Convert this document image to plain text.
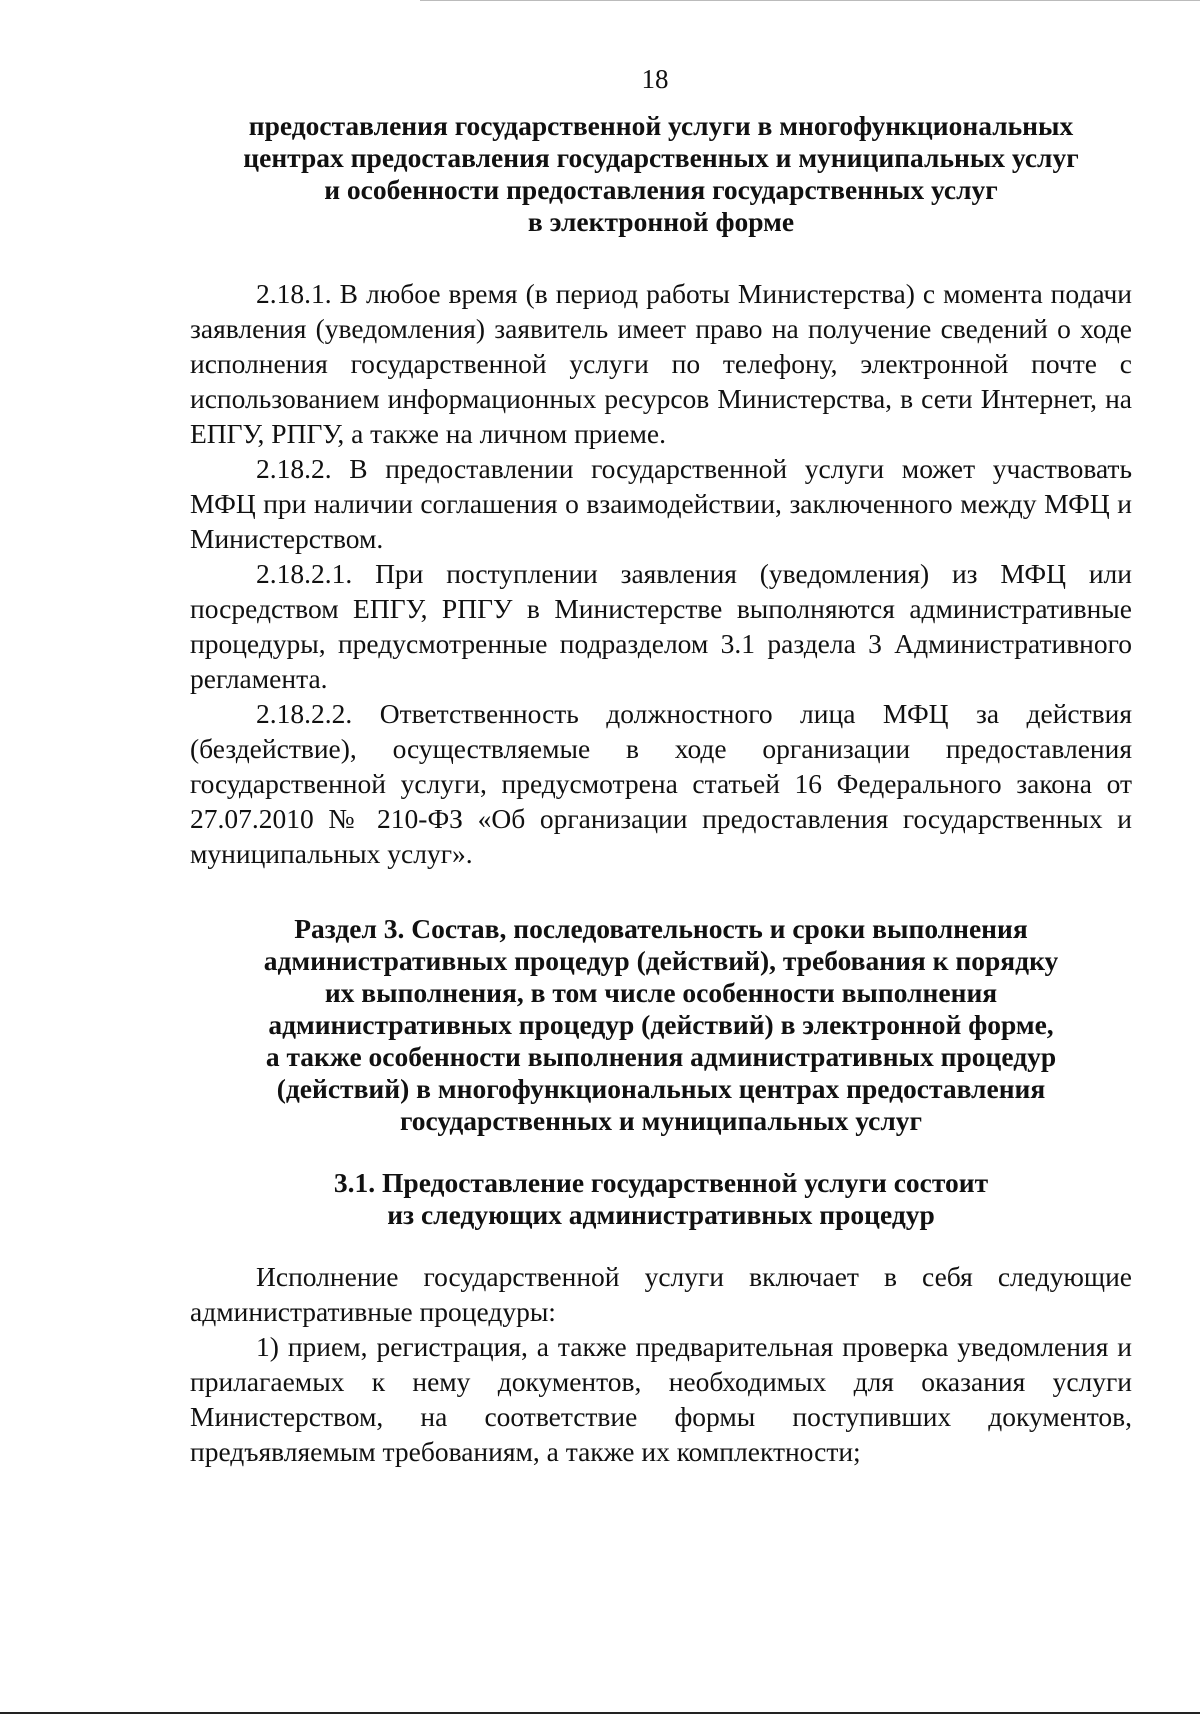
18
предоставления государственной услуги в многофункциональных
центрах предоставления государственных и муниципальных услуг
и особенности предоставления государственных услуг
в электронной форме

2.18.1. В любое время (в период работы Министерства) с момента подачи заявления (уведомления) заявитель имеет право на получение сведений о ходе исполнения государственной услуги по телефону, электронной почте с использованием информационных ресурсов Министерства, в сети Интернет, на ЕПГУ, РПГУ, а также на личном приеме.

2.18.2. В предоставлении государственной услуги может участвовать МФЦ при наличии соглашения о взаимодействии, заключенного между МФЦ и Министерством.

2.18.2.1. При поступлении заявления (уведомления) из МФЦ или посредством ЕПГУ, РПГУ в Министерстве выполняются административные процедуры, предусмотренные подразделом 3.1 раздела 3 Административного регламента.

2.18.2.2. Ответственность должностного лица МФЦ за действия (бездействие), осуществляемые в ходе организации предоставления государственной услуги, предусмотрена статьей 16 Федерального закона от 27.07.2010 № 210-ФЗ «Об организации предоставления государственных и муниципальных услуг».

Раздел 3. Состав, последовательность и сроки выполнения
административных процедур (действий), требования к порядку
их выполнения, в том числе особенности выполнения
административных процедур (действий) в электронной форме,
а также особенности выполнения административных процедур
(действий) в многофункциональных центрах предоставления
государственных и муниципальных услуг
3.1. Предоставление государственной услуги состоит
из следующих административных процедур

Исполнение государственной услуги включает в себя следующие административные процедуры:

1) прием, регистрация, а также предварительная проверка уведомления и прилагаемых к нему документов, необходимых для оказания услуги Министерством, на соответствие формы поступивших документов, предъявляемым требованиям, а также их комплектности;
